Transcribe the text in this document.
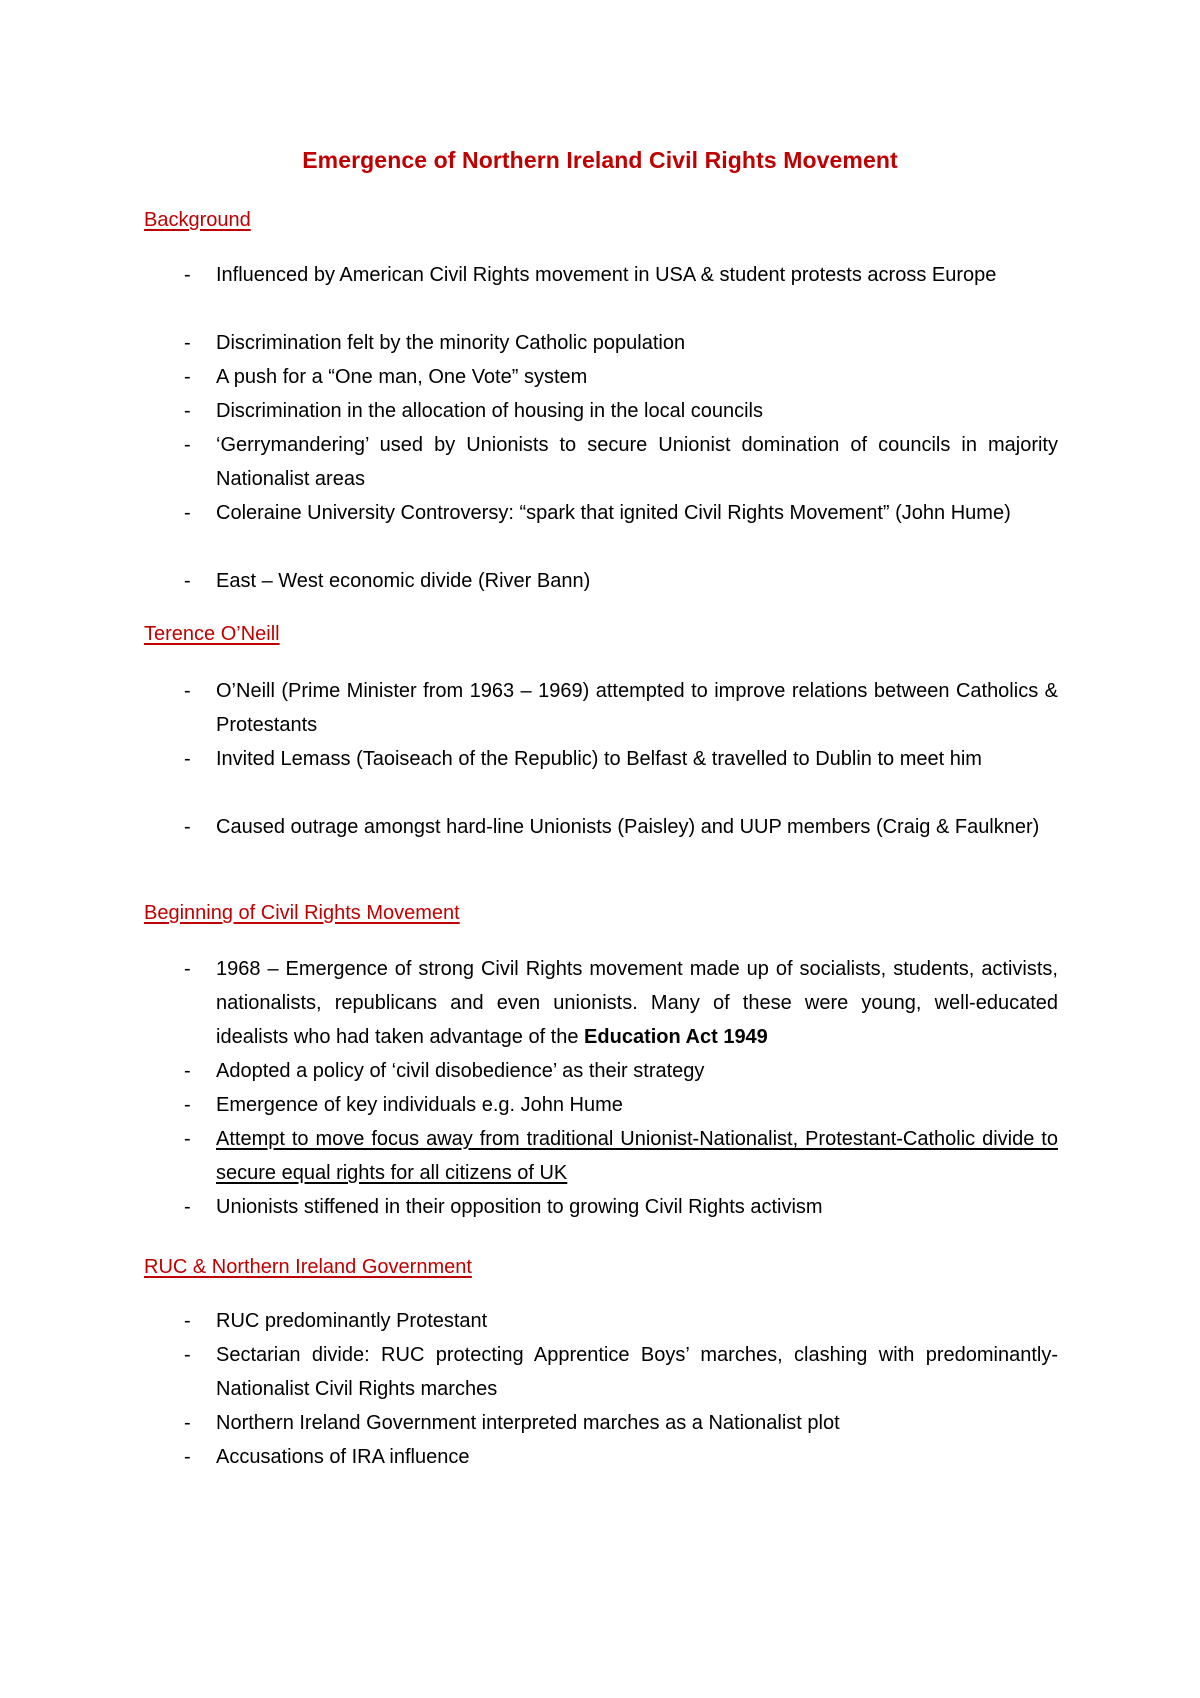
Emergence of Northern Ireland Civil Rights Movement
Background
-	Influenced by American Civil Rights movement in USA & student protests across Europe
-	Discrimination felt by the minority Catholic population
-	A push for a “One man, One Vote” system
-	Discrimination in the allocation of housing in the local councils
-	‘Gerrymandering’ used by Unionists to secure Unionist domination of councils in majority Nationalist areas
-	Coleraine University Controversy: “spark that ignited Civil Rights Movement” (John Hume)
-	East – West economic divide (River Bann)
Terence O’Neill
-	O’Neill (Prime Minister from 1963 – 1969) attempted to improve relations between Catholics & Protestants
-	Invited Lemass (Taoiseach of the Republic) to Belfast & travelled to Dublin to meet him
-	Caused outrage amongst hard-line Unionists (Paisley) and UUP members (Craig & Faulkner)
Beginning of Civil Rights Movement
-	1968 – Emergence of strong Civil Rights movement made up of socialists, students, activists, nationalists, republicans and even unionists. Many of these were young, well-educated idealists who had taken advantage of the Education Act 1949
-	Adopted a policy of ‘civil disobedience’ as their strategy
-	Emergence of key individuals e.g. John Hume
-	Attempt to move focus away from traditional Unionist-Nationalist, Protestant-Catholic divide to secure equal rights for all citizens of UK
-	Unionists stiffened in their opposition to growing Civil Rights activism
RUC & Northern Ireland Government
-	RUC predominantly Protestant
-	Sectarian divide: RUC protecting Apprentice Boys’ marches, clashing with predominantly-Nationalist Civil Rights marches
-	Northern Ireland Government interpreted marches as a Nationalist plot
-	Accusations of IRA influence
